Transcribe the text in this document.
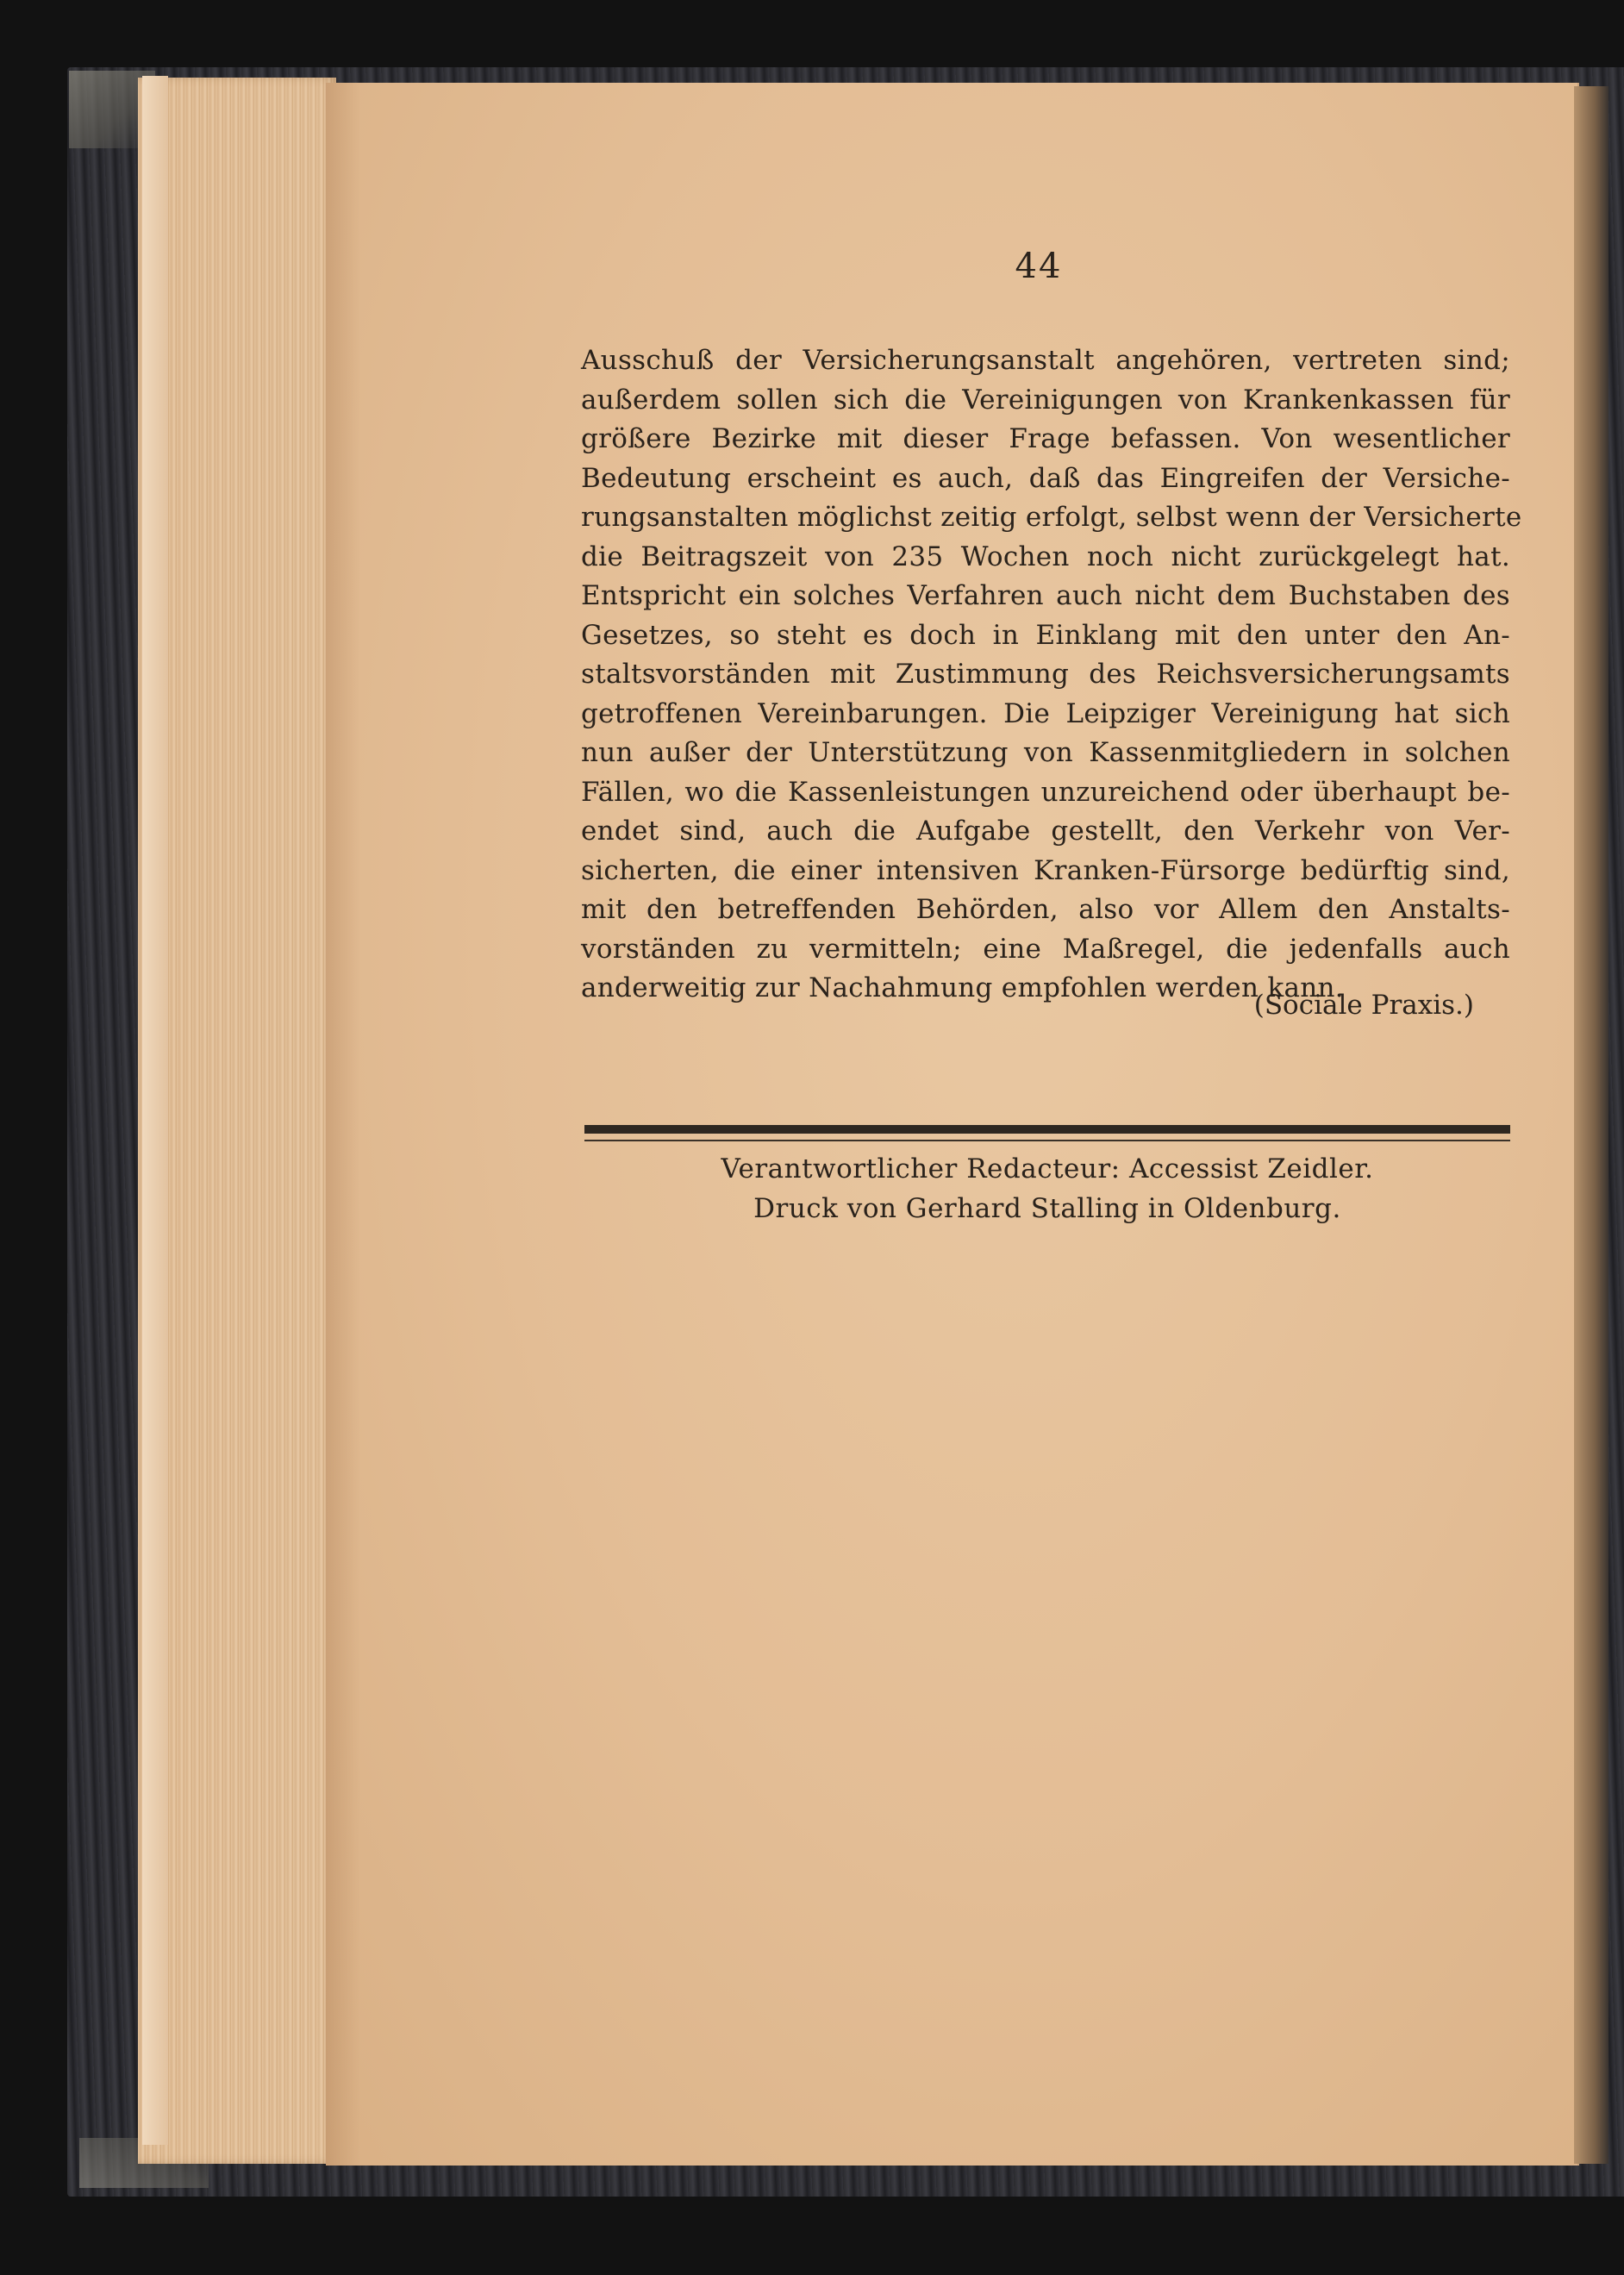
44
Ausschuß der Versicherungsanstalt angehören, vertreten sind;
außerdem sollen sich die Vereinigungen von Krankenkassen für
größere Bezirke mit dieser Frage befassen. Von wesentlicher
Bedeutung erscheint es auch, daß das Eingreifen der Versiche-
rungsanstalten möglichst zeitig erfolgt, selbst wenn der Versicherte
die Beitragszeit von 235 Wochen noch nicht zurückgelegt hat.
Entspricht ein solches Verfahren auch nicht dem Buchstaben des
Gesetzes, so steht es doch in Einklang mit den unter den An-
staltsvorständen mit Zustimmung des Reichsversicherungsamts
getroffenen Vereinbarungen. Die Leipziger Vereinigung hat sich
nun außer der Unterstützung von Kassenmitgliedern in solchen
Fällen, wo die Kassenleistungen unzureichend oder überhaupt be-
endet sind, auch die Aufgabe gestellt, den Verkehr von Ver-
sicherten, die einer intensiven Kranken-Fürsorge bedürftig sind,
mit den betreffenden Behörden, also vor Allem den Anstalts-
vorständen zu vermitteln; eine Maßregel, die jedenfalls auch
anderweitig zur Nachahmung empfohlen werden kann.
(Sociale Praxis.)
Verantwortlicher Redacteur: Accessist Zeidler.
Druck von Gerhard Stalling in Oldenburg.
